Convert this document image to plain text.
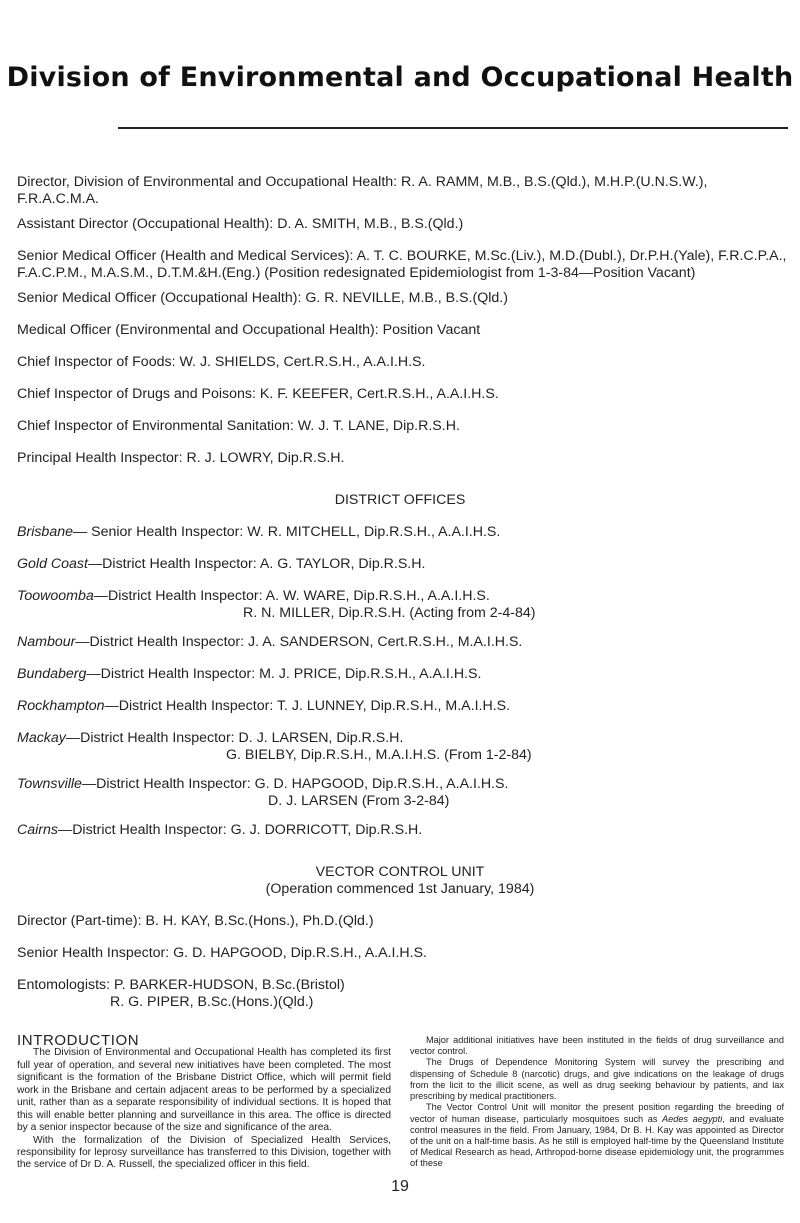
Division of Environmental and Occupational Health
Director, Division of Environmental and Occupational Health: R. A. RAMM, M.B., B.S.(Qld.), M.H.P.(U.N.S.W.), F.R.A.C.M.A.
Assistant Director (Occupational Health): D. A. SMITH, M.B., B.S.(Qld.)
Senior Medical Officer (Health and Medical Services): A. T. C. BOURKE, M.Sc.(Liv.), M.D.(Dubl.), Dr.P.H.(Yale), F.R.C.P.A., F.A.C.P.M., M.A.S.M., D.T.M.&H.(Eng.) (Position redesignated Epidemiologist from 1-3-84—Position Vacant)
Senior Medical Officer (Occupational Health): G. R. NEVILLE, M.B., B.S.(Qld.)
Medical Officer (Environmental and Occupational Health): Position Vacant
Chief Inspector of Foods: W. J. SHIELDS, Cert.R.S.H., A.A.I.H.S.
Chief Inspector of Drugs and Poisons: K. F. KEEFER, Cert.R.S.H., A.A.I.H.S.
Chief Inspector of Environmental Sanitation: W. J. T. LANE, Dip.R.S.H.
Principal Health Inspector: R. J. LOWRY, Dip.R.S.H.
DISTRICT OFFICES
Brisbane— Senior Health Inspector: W. R. MITCHELL, Dip.R.S.H., A.A.I.H.S.
Gold Coast—District Health Inspector: A. G. TAYLOR, Dip.R.S.H.
Toowoomba—District Health Inspector: A. W. WARE, Dip.R.S.H., A.A.I.H.S.
R. N. MILLER, Dip.R.S.H. (Acting from 2-4-84)
Nambour—District Health Inspector: J. A. SANDERSON, Cert.R.S.H., M.A.I.H.S.
Bundaberg—District Health Inspector: M. J. PRICE, Dip.R.S.H., A.A.I.H.S.
Rockhampton—District Health Inspector: T. J. LUNNEY, Dip.R.S.H., M.A.I.H.S.
Mackay—District Health Inspector: D. J. LARSEN, Dip.R.S.H.
G. BIELBY, Dip.R.S.H., M.A.I.H.S. (From 1-2-84)
Townsville—District Health Inspector: G. D. HAPGOOD, Dip.R.S.H., A.A.I.H.S.
D. J. LARSEN (From 3-2-84)
Cairns—District Health Inspector: G. J. DORRICOTT, Dip.R.S.H.
VECTOR CONTROL UNIT
(Operation commenced 1st January, 1984)
Director (Part-time): B. H. KAY, B.Sc.(Hons.), Ph.D.(Qld.)
Senior Health Inspector: G. D. HAPGOOD, Dip.R.S.H., A.A.I.H.S.
Entomologists: P. BARKER-HUDSON, B.Sc.(Bristol)
R. G. PIPER, B.Sc.(Hons.)(Qld.)

INTRODUCTION

The Division of Environmental and Occupational Health has completed its first full year of operation, and several new initiatives have been completed. The most significant is the formation of the Brisbane District Office, which will permit field work in the Brisbane and certain adjacent areas to be performed by a specialized unit, rather than as a separate responsibility of individual sections. It is hoped that this will enable better planning and surveillance in this area. The office is directed by a senior inspector because of the size and significance of the area.

With the formalization of the Division of Specialized Health Services, responsibility for leprosy surveillance has transferred to this Division, together with the service of Dr D. A. Russell, the specialized officer in this field.

Major additional initiatives have been instituted in the fields of drug surveillance and vector control.

The Drugs of Dependence Monitoring System will survey the prescribing and dispensing of Schedule 8 (narcotic) drugs, and give indications on the leakage of drugs from the licit to the illicit scene, as well as drug seeking behaviour by patients, and lax prescribing by medical practitioners.

The Vector Control Unit will monitor the present position regarding the breeding of vector of human disease, particularly mosquitoes such as Aedes aegypti, and evaluate control measures in the field. From January, 1984, Dr B. H. Kay was appointed as Director of the unit on a half-time basis. As he still is employed half-time by the Queensland Institute of Medical Research as head, Arthropod-borne disease epidemiology unit, the programmes of these

19
